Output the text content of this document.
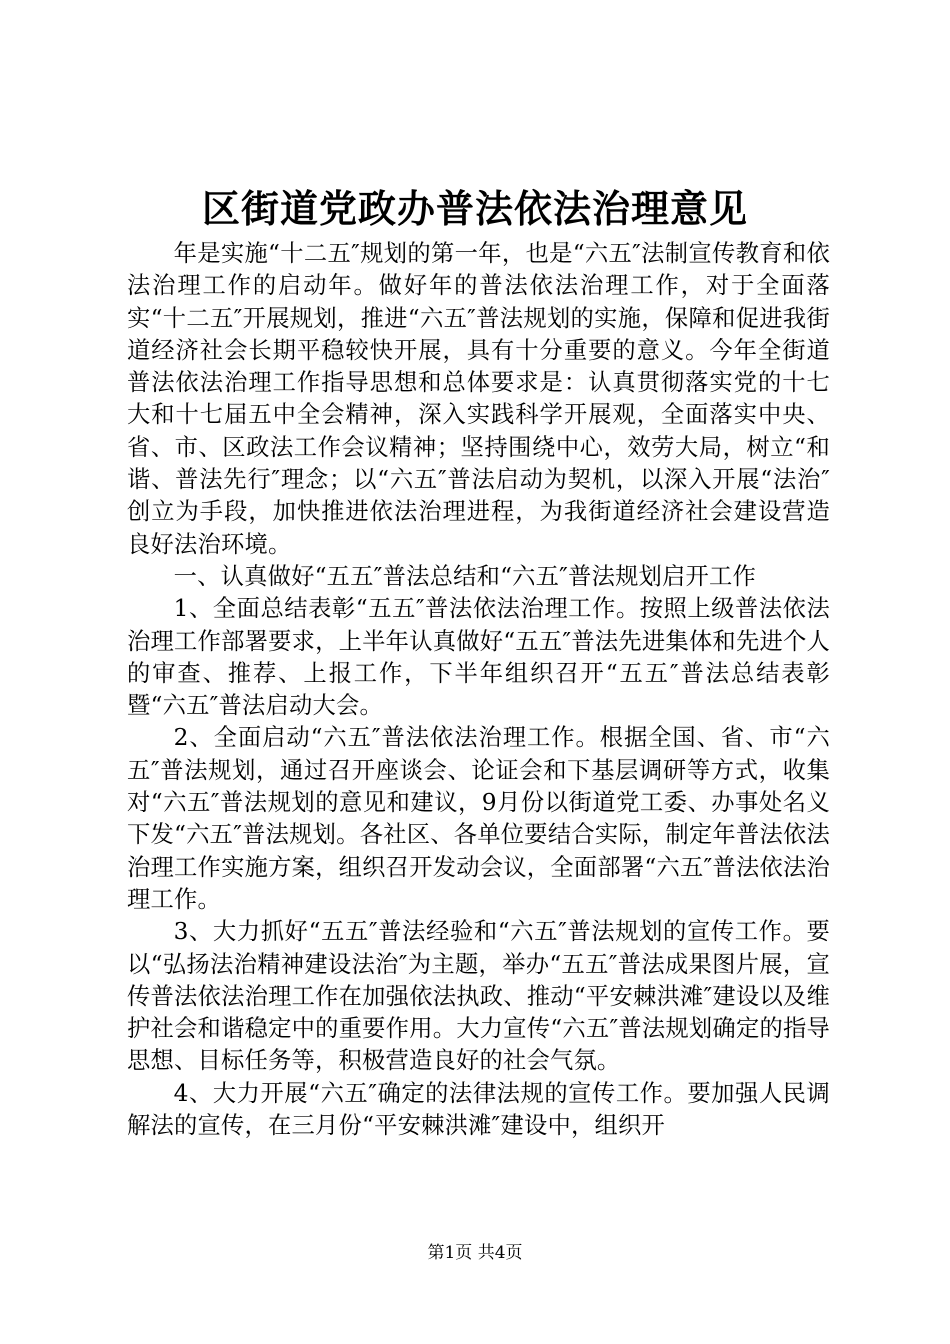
区街道党政办普法依法治理意见

年是实施“十二五″规划的第一年，也是“六五″法制宣传教育和依法治理工作的启动年。做好年的普法依法治理工作，对于全面落实“十二五″开展规划，推进“六五″普法规划的实施，保障和促进我街道经济社会长期平稳较快开展，具有十分重要的意义。今年全街道普法依法治理工作指导思想和总体要求是：认真贯彻落实党的十七大和十七届五中全会精神，深入实践科学开展观，全面落实中央、省、市、区政法工作会议精神；坚持围绕中心，效劳大局，树立“和谐、普法先行″理念；以“六五″普法启动为契机，以深入开展“法治″创立为手段，加快推进依法治理进程，为我街道经济社会建设营造良好法治环境。

一、认真做好“五五″普法总结和“六五″普法规划启开工作

1、全面总结表彰“五五″普法依法治理工作。按照上级普法依法治理工作部署要求，上半年认真做好“五五″普法先进集体和先进个人的审查、推荐、上报工作，下半年组织召开“五五″普法总结表彰暨“六五″普法启动大会。

2、全面启动“六五″普法依法治理工作。根据全国、省、市“六五″普法规划，通过召开座谈会、论证会和下基层调研等方式，收集对“六五″普法规划的意见和建议，9月份以街道党工委、办事处名义下发“六五″普法规划。各社区、各单位要结合实际，制定年普法依法治理工作实施方案，组织召开发动会议，全面部署“六五″普法依法治理工作。

3、大力抓好“五五″普法经验和“六五″普法规划的宣传工作。要以“弘扬法治精神建设法治″为主题，举办“五五″普法成果图片展，宣传普法依法治理工作在加强依法执政、推动“平安棘洪滩″建设以及维护社会和谐稳定中的重要作用。大力宣传“六五″普法规划确定的指导思想、目标任务等，积极营造良好的社会气氛。

4、大力开展“六五″确定的法律法规的宣传工作。要加强人民调解法的宣传，在三月份“平安棘洪滩″建设中，组织开

第1页 共4页
